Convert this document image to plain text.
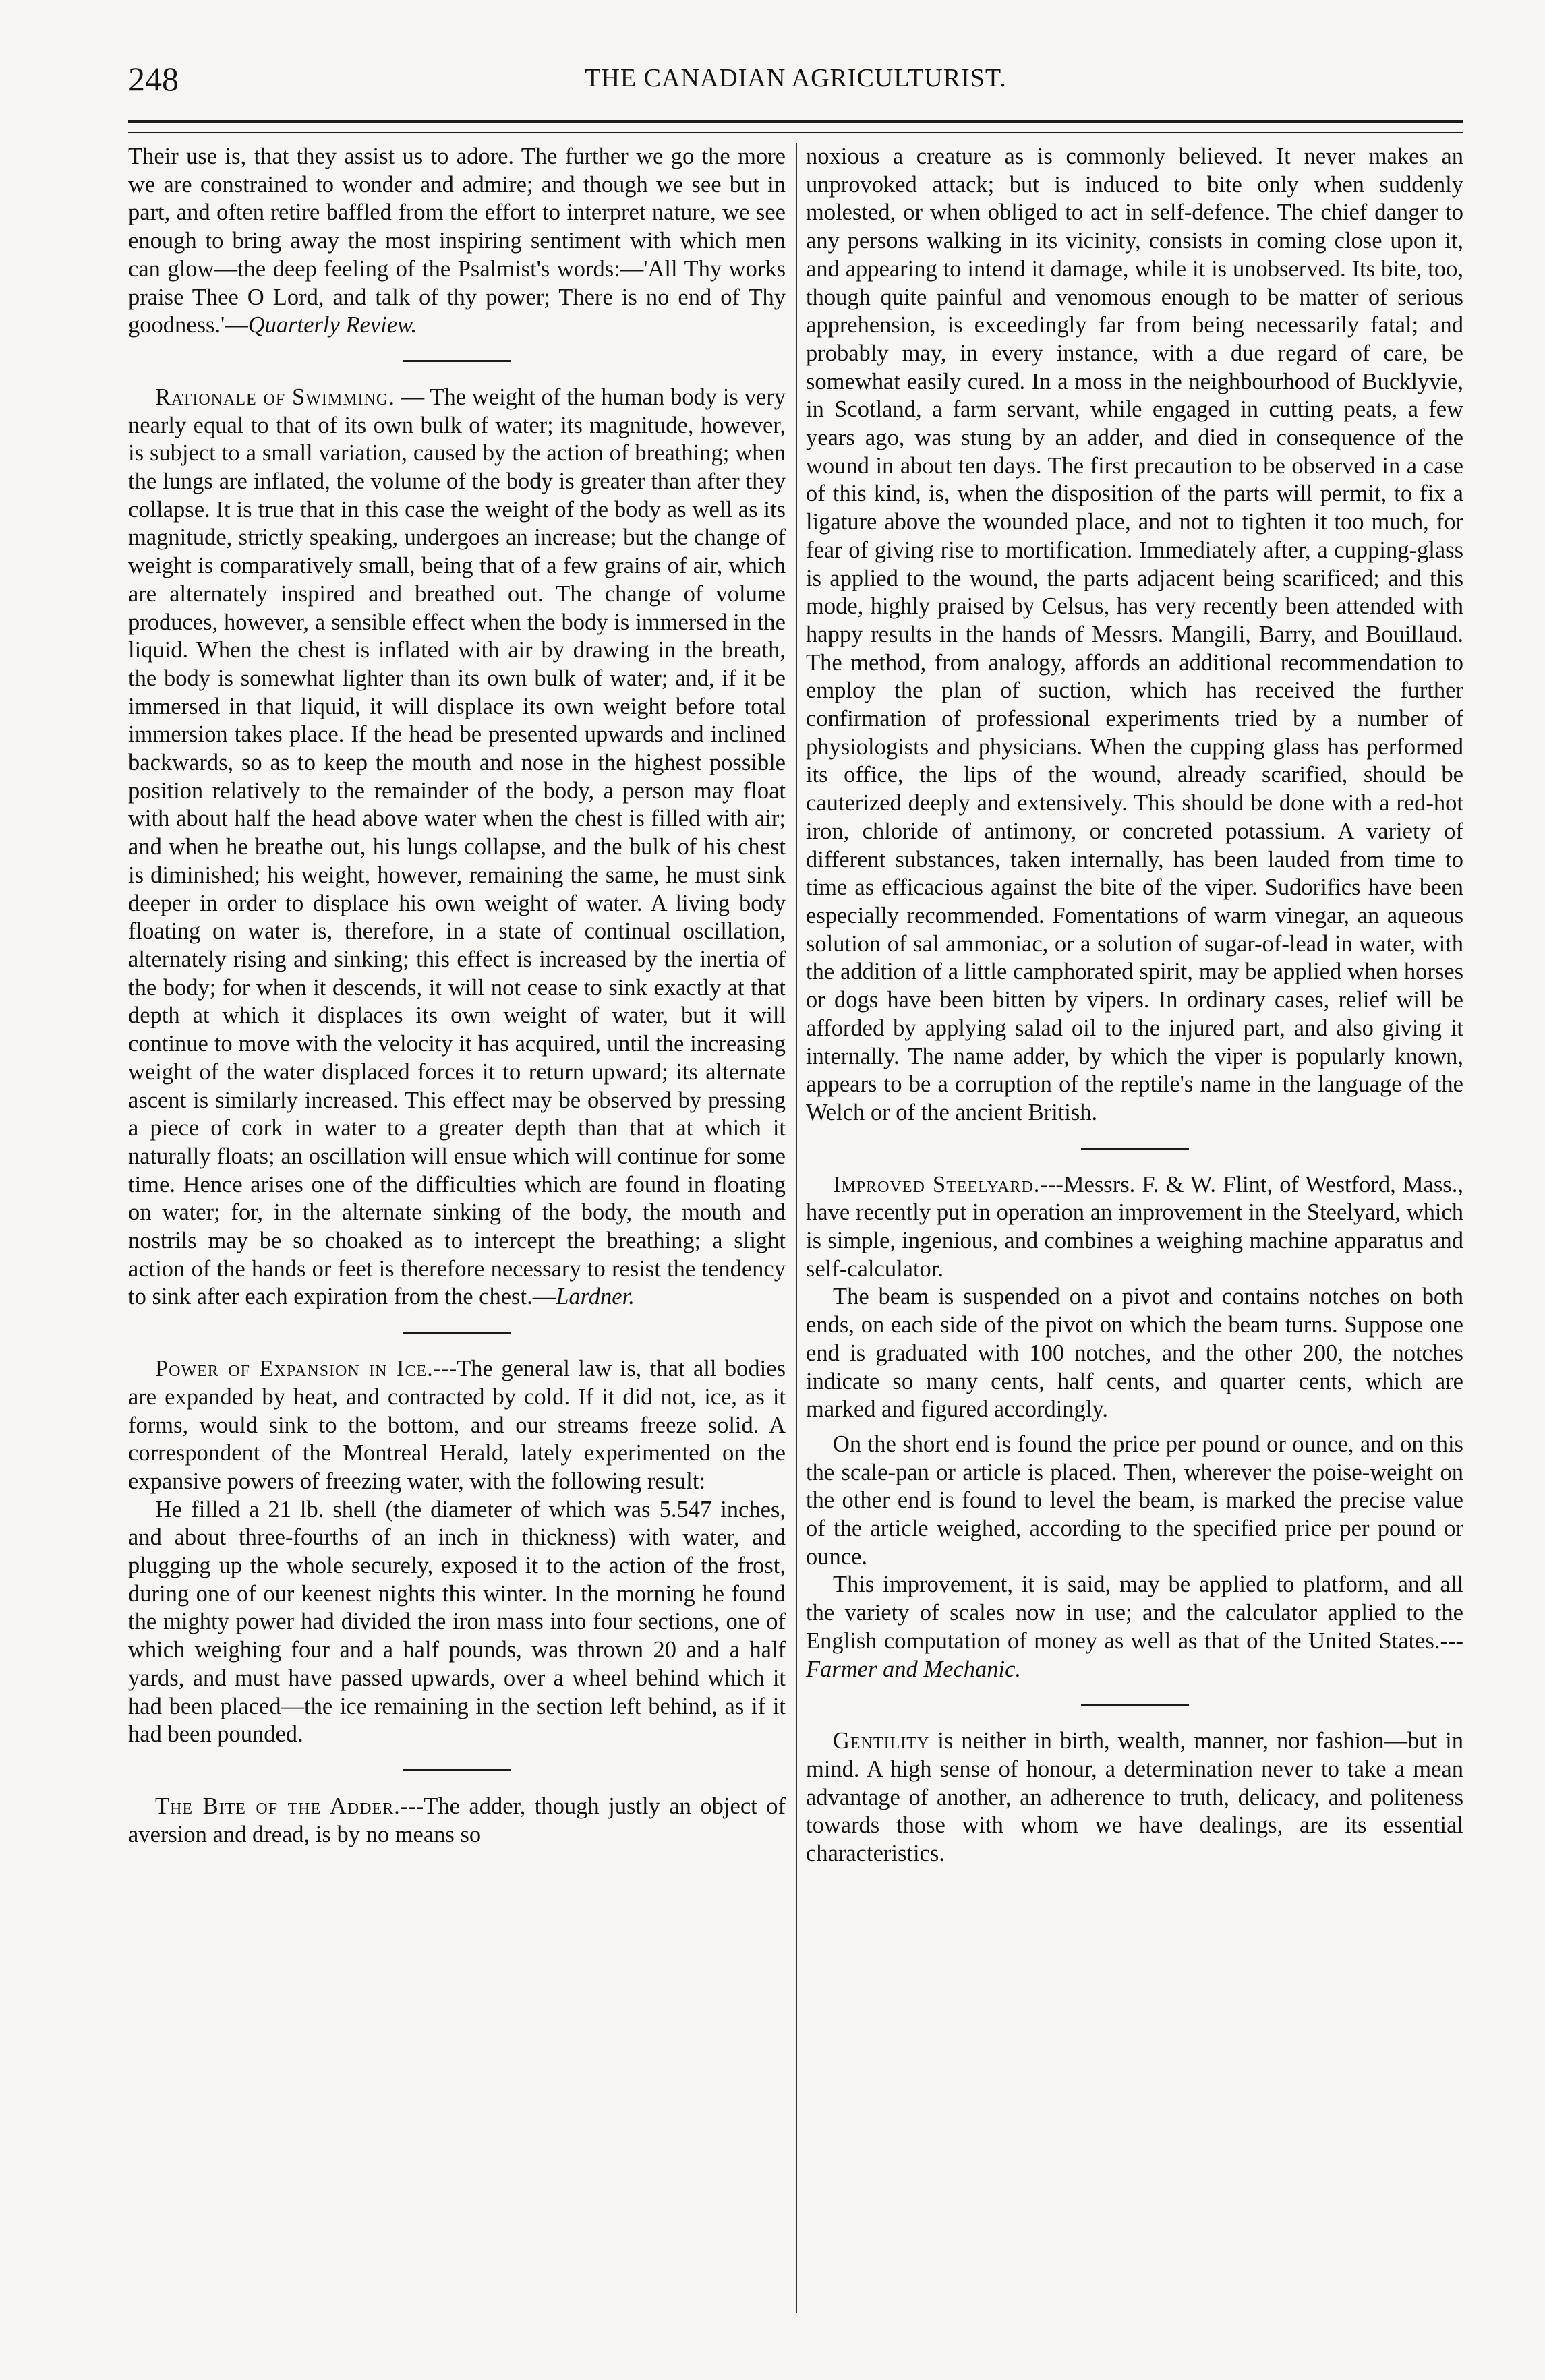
248	THE CANADIAN AGRICULTURIST.

Their use is, that they assist us to adore. The further we go the more we are constrained to wonder and admire; and though we see but in part, and often retire baffled from the effort to interpret nature, we see enough to bring away the most inspiring sentiment with which men can glow—the deep feeling of the Psalmist's words:—'All Thy works praise Thee O Lord, and talk of thy power; There is no end of Thy goodness.'—Quarterly Review.

Rationale of Swimming. — The weight of the human body is very nearly equal to that of its own bulk of water; its magnitude, however, is subject to a small variation, caused by the action of breathing; when the lungs are inflated, the volume of the body is greater than after they collapse. It is true that in this case the weight of the body as well as its magnitude, strictly speaking, undergoes an increase; but the change of weight is comparatively small, being that of a few grains of air, which are alternately inspired and breathed out. The change of volume produces, however, a sensible effect when the body is immersed in the liquid. When the chest is inflated with air by drawing in the breath, the body is somewhat lighter than its own bulk of water; and, if it be immersed in that liquid, it will displace its own weight before total immersion takes place. If the head be presented upwards and inclined backwards, so as to keep the mouth and nose in the highest possible position relatively to the remainder of the body, a person may float with about half the head above water when the chest is filled with air; and when he breathe out, his lungs collapse, and the bulk of his chest is diminished; his weight, however, remaining the same, he must sink deeper in order to displace his own weight of water. A living body floating on water is, therefore, in a state of continual oscillation, alternately rising and sinking; this effect is increased by the inertia of the body; for when it descends, it will not cease to sink exactly at that depth at which it displaces its own weight of water, but it will continue to move with the velocity it has acquired, until the increasing weight of the water displaced forces it to return upward; its alternate ascent is similarly increased. This effect may be observed by pressing a piece of cork in water to a greater depth than that at which it naturally floats; an oscillation will ensue which will continue for some time. Hence arises one of the difficulties which are found in floating on water; for, in the alternate sinking of the body, the mouth and nostrils may be so choaked as to intercept the breathing; a slight action of the hands or feet is therefore necessary to resist the tendency to sink after each expiration from the chest.—Lardner.

Power of Expansion in Ice.---The general law is, that all bodies are expanded by heat, and contracted by cold. If it did not, ice, as it forms, would sink to the bottom, and our streams freeze solid. A correspondent of the Montreal Herald, lately experimented on the expansive powers of freezing water, with the following result:

He filled a 21 lb. shell (the diameter of which was 5.547 inches, and about three-fourths of an inch in thickness) with water, and plugging up the whole securely, exposed it to the action of the frost, during one of our keenest nights this winter. In the morning he found the mighty power had divided the iron mass into four sections, one of which weighing four and a half pounds, was thrown 20 and a half yards, and must have passed upwards, over a wheel behind which it had been placed—the ice remaining in the section left behind, as if it had been pounded.

The Bite of the Adder.---The adder, though justly an object of aversion and dread, is by no means so

noxious a creature as is commonly believed. It never makes an unprovoked attack; but is induced to bite only when suddenly molested, or when obliged to act in self-defence. The chief danger to any persons walking in its vicinity, consists in coming close upon it, and appearing to intend it damage, while it is unobserved. Its bite, too, though quite painful and venomous enough to be matter of serious apprehension, is exceedingly far from being necessarily fatal; and probably may, in every instance, with a due regard of care, be somewhat easily cured. In a moss in the neighbourhood of Bucklyvie, in Scotland, a farm servant, while engaged in cutting peats, a few years ago, was stung by an adder, and died in consequence of the wound in about ten days. The first precaution to be observed in a case of this kind, is, when the disposition of the parts will permit, to fix a ligature above the wounded place, and not to tighten it too much, for fear of giving rise to mortification. Immediately after, a cupping-glass is applied to the wound, the parts adjacent being scarificed; and this mode, highly praised by Celsus, has very recently been attended with happy results in the hands of Messrs. Mangili, Barry, and Bouillaud. The method, from analogy, affords an additional recommendation to employ the plan of suction, which has received the further confirmation of professional experiments tried by a number of physiologists and physicians. When the cupping glass has performed its office, the lips of the wound, already scarified, should be cauterized deeply and extensively. This should be done with a red-hot iron, chloride of antimony, or concreted potassium. A variety of different substances, taken internally, has been lauded from time to time as efficacious against the bite of the viper. Sudorifics have been especially recommended. Fomentations of warm vinegar, an aqueous solution of sal ammoniac, or a solution of sugar-of-lead in water, with the addition of a little camphorated spirit, may be applied when horses or dogs have been bitten by vipers. In ordinary cases, relief will be afforded by applying salad oil to the injured part, and also giving it internally. The name adder, by which the viper is popularly known, appears to be a corruption of the reptile's name in the language of the Welch or of the ancient British.

Improved Steelyard.---Messrs. F. & W. Flint, of Westford, Mass., have recently put in operation an improvement in the Steelyard, which is simple, ingenious, and combines a weighing machine apparatus and self-calculator.

The beam is suspended on a pivot and contains notches on both ends, on each side of the pivot on which the beam turns. Suppose one end is graduated with 100 notches, and the other 200, the notches indicate so many cents, half cents, and quarter cents, which are marked and figured accordingly.

On the short end is found the price per pound or ounce, and on this the scale-pan or article is placed. Then, wherever the poise-weight on the other end is found to level the beam, is marked the precise value of the article weighed, according to the specified price per pound or ounce.

This improvement, it is said, may be applied to platform, and all the variety of scales now in use; and the calculator applied to the English computation of money as well as that of the United States.---Farmer and Mechanic.

Gentility is neither in birth, wealth, manner, nor fashion—but in mind. A high sense of honour, a determination never to take a mean advantage of another, an adherence to truth, delicacy, and politeness towards those with whom we have dealings, are its essential characteristics.
